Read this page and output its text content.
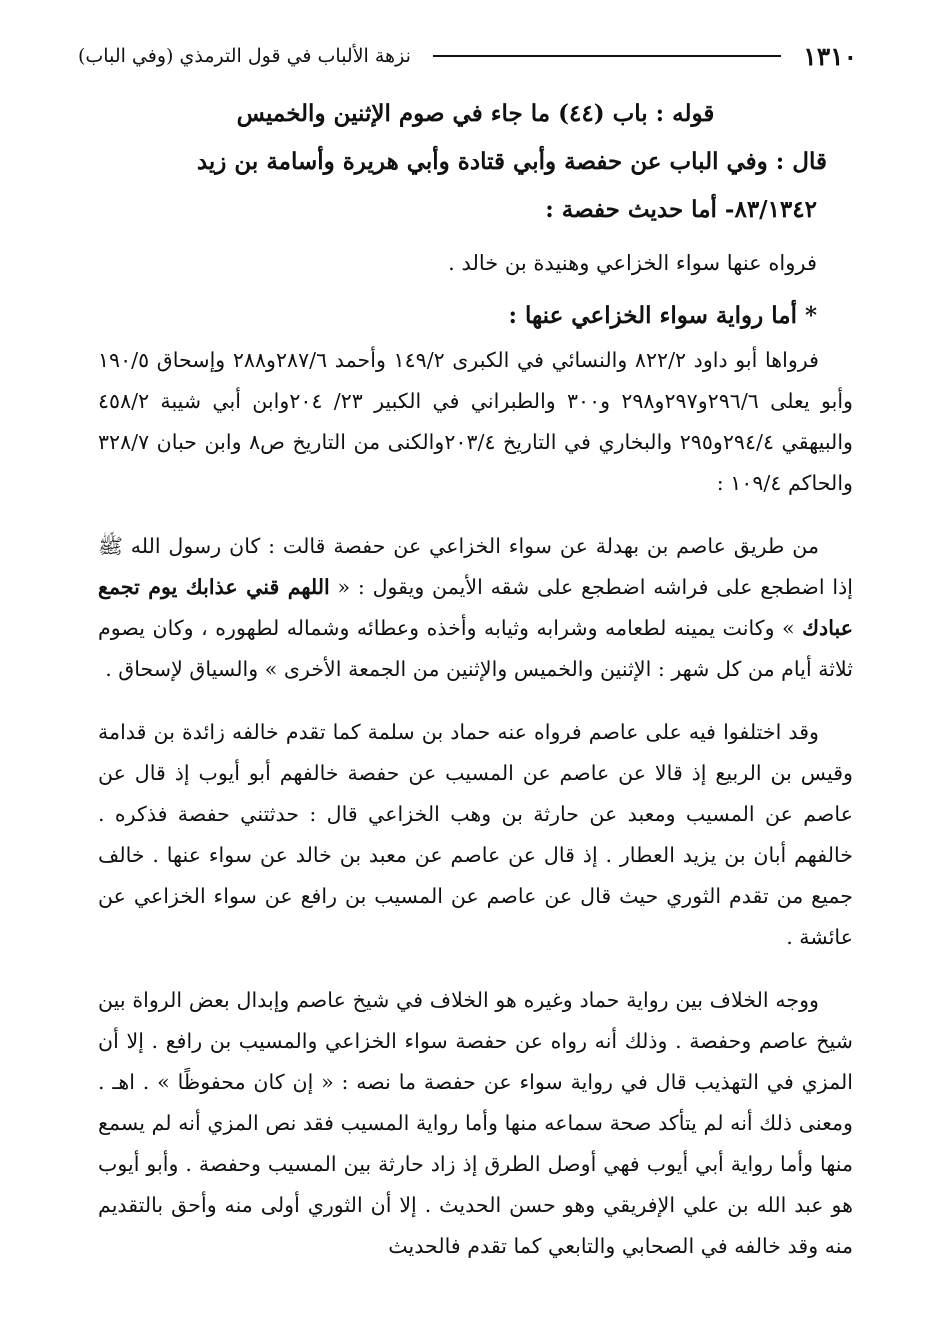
١٣١٠
نزهة الألباب في قول الترمذي (وفي الباب)
قوله : باب (٤٤) ما جاء في صوم الإثنين والخميس
قال : وفي الباب عن حفصة وأبي قتادة وأبي هريرة وأسامة بن زيد
٨٣/١٣٤٢- أما حديث حفصة :
فرواه عنها سواء الخزاعي وهنيدة بن خالد .
* أما رواية سواء الخزاعي عنها :

فرواها أبو داود ٨٢٢/٢ والنسائي في الكبرى ١٤٩/٢ وأحمد ٢٨٧/٦و٢٨٨ وإسحاق ١٩٠/٥ وأبو يعلى ٢٩٦/٦و٢٩٧و٢٩٨ و٣٠٠ والطبراني في الكبير ٢٣/ ٢٠٤وابن أبي شيبة ٤٥٨/٢ والبيهقي ٢٩٤/٤و٢٩٥ والبخاري في التاريخ ٢٠٣/٤والكنى من التاريخ ص٨ وابن حبان ٣٢٨/٧ والحاكم ١٠٩/٤ :

من طريق عاصم بن بهدلة عن سواء الخزاعي عن حفصة قالت : كان رسول الله ﷺ إذا اضطجع على فراشه اضطجع على شقه الأيمن ويقول : « اللهم قني عذابك يوم تجمع عبادك » وكانت يمينه لطعامه وشرابه وثيابه وأخذه وعطائه وشماله لطهوره ، وكان يصوم ثلاثة أيام من كل شهر : الإثنين والخميس والإثنين من الجمعة الأخرى » والسياق لإسحاق .

وقد اختلفوا فيه على عاصم فرواه عنه حماد بن سلمة كما تقدم خالفه زائدة بن قدامة وقيس بن الربيع إذ قالا عن عاصم عن المسيب عن حفصة خالفهم أبو أيوب إذ قال عن عاصم عن المسيب ومعبد عن حارثة بن وهب الخزاعي قال : حدثتني حفصة فذكره . خالفهم أبان بن يزيد العطار . إذ قال عن عاصم عن معبد بن خالد عن سواء عنها . خالف جميع من تقدم الثوري حيث قال عن عاصم عن المسيب بن رافع عن سواء الخزاعي عن عائشة .

ووجه الخلاف بين رواية حماد وغيره هو الخلاف في شيخ عاصم وإبدال بعض الرواة بين شيخ عاصم وحفصة . وذلك أنه رواه عن حفصة سواء الخزاعي والمسيب بن رافع . إلا أن المزي في التهذيب قال في رواية سواء عن حفصة ما نصه : « إن كان محفوظًا » . اهـ . ومعنى ذلك أنه لم يتأكد صحة سماعه منها وأما رواية المسيب فقد نص المزي أنه لم يسمع منها وأما رواية أبي أيوب فهي أوصل الطرق إذ زاد حارثة بين المسيب وحفصة . وأبو أيوب هو عبد الله بن علي الإفريقي وهو حسن الحديث . إلا أن الثوري أولى منه وأحق بالتقديم منه وقد خالفه في الصحابي والتابعي كما تقدم فالحديث
